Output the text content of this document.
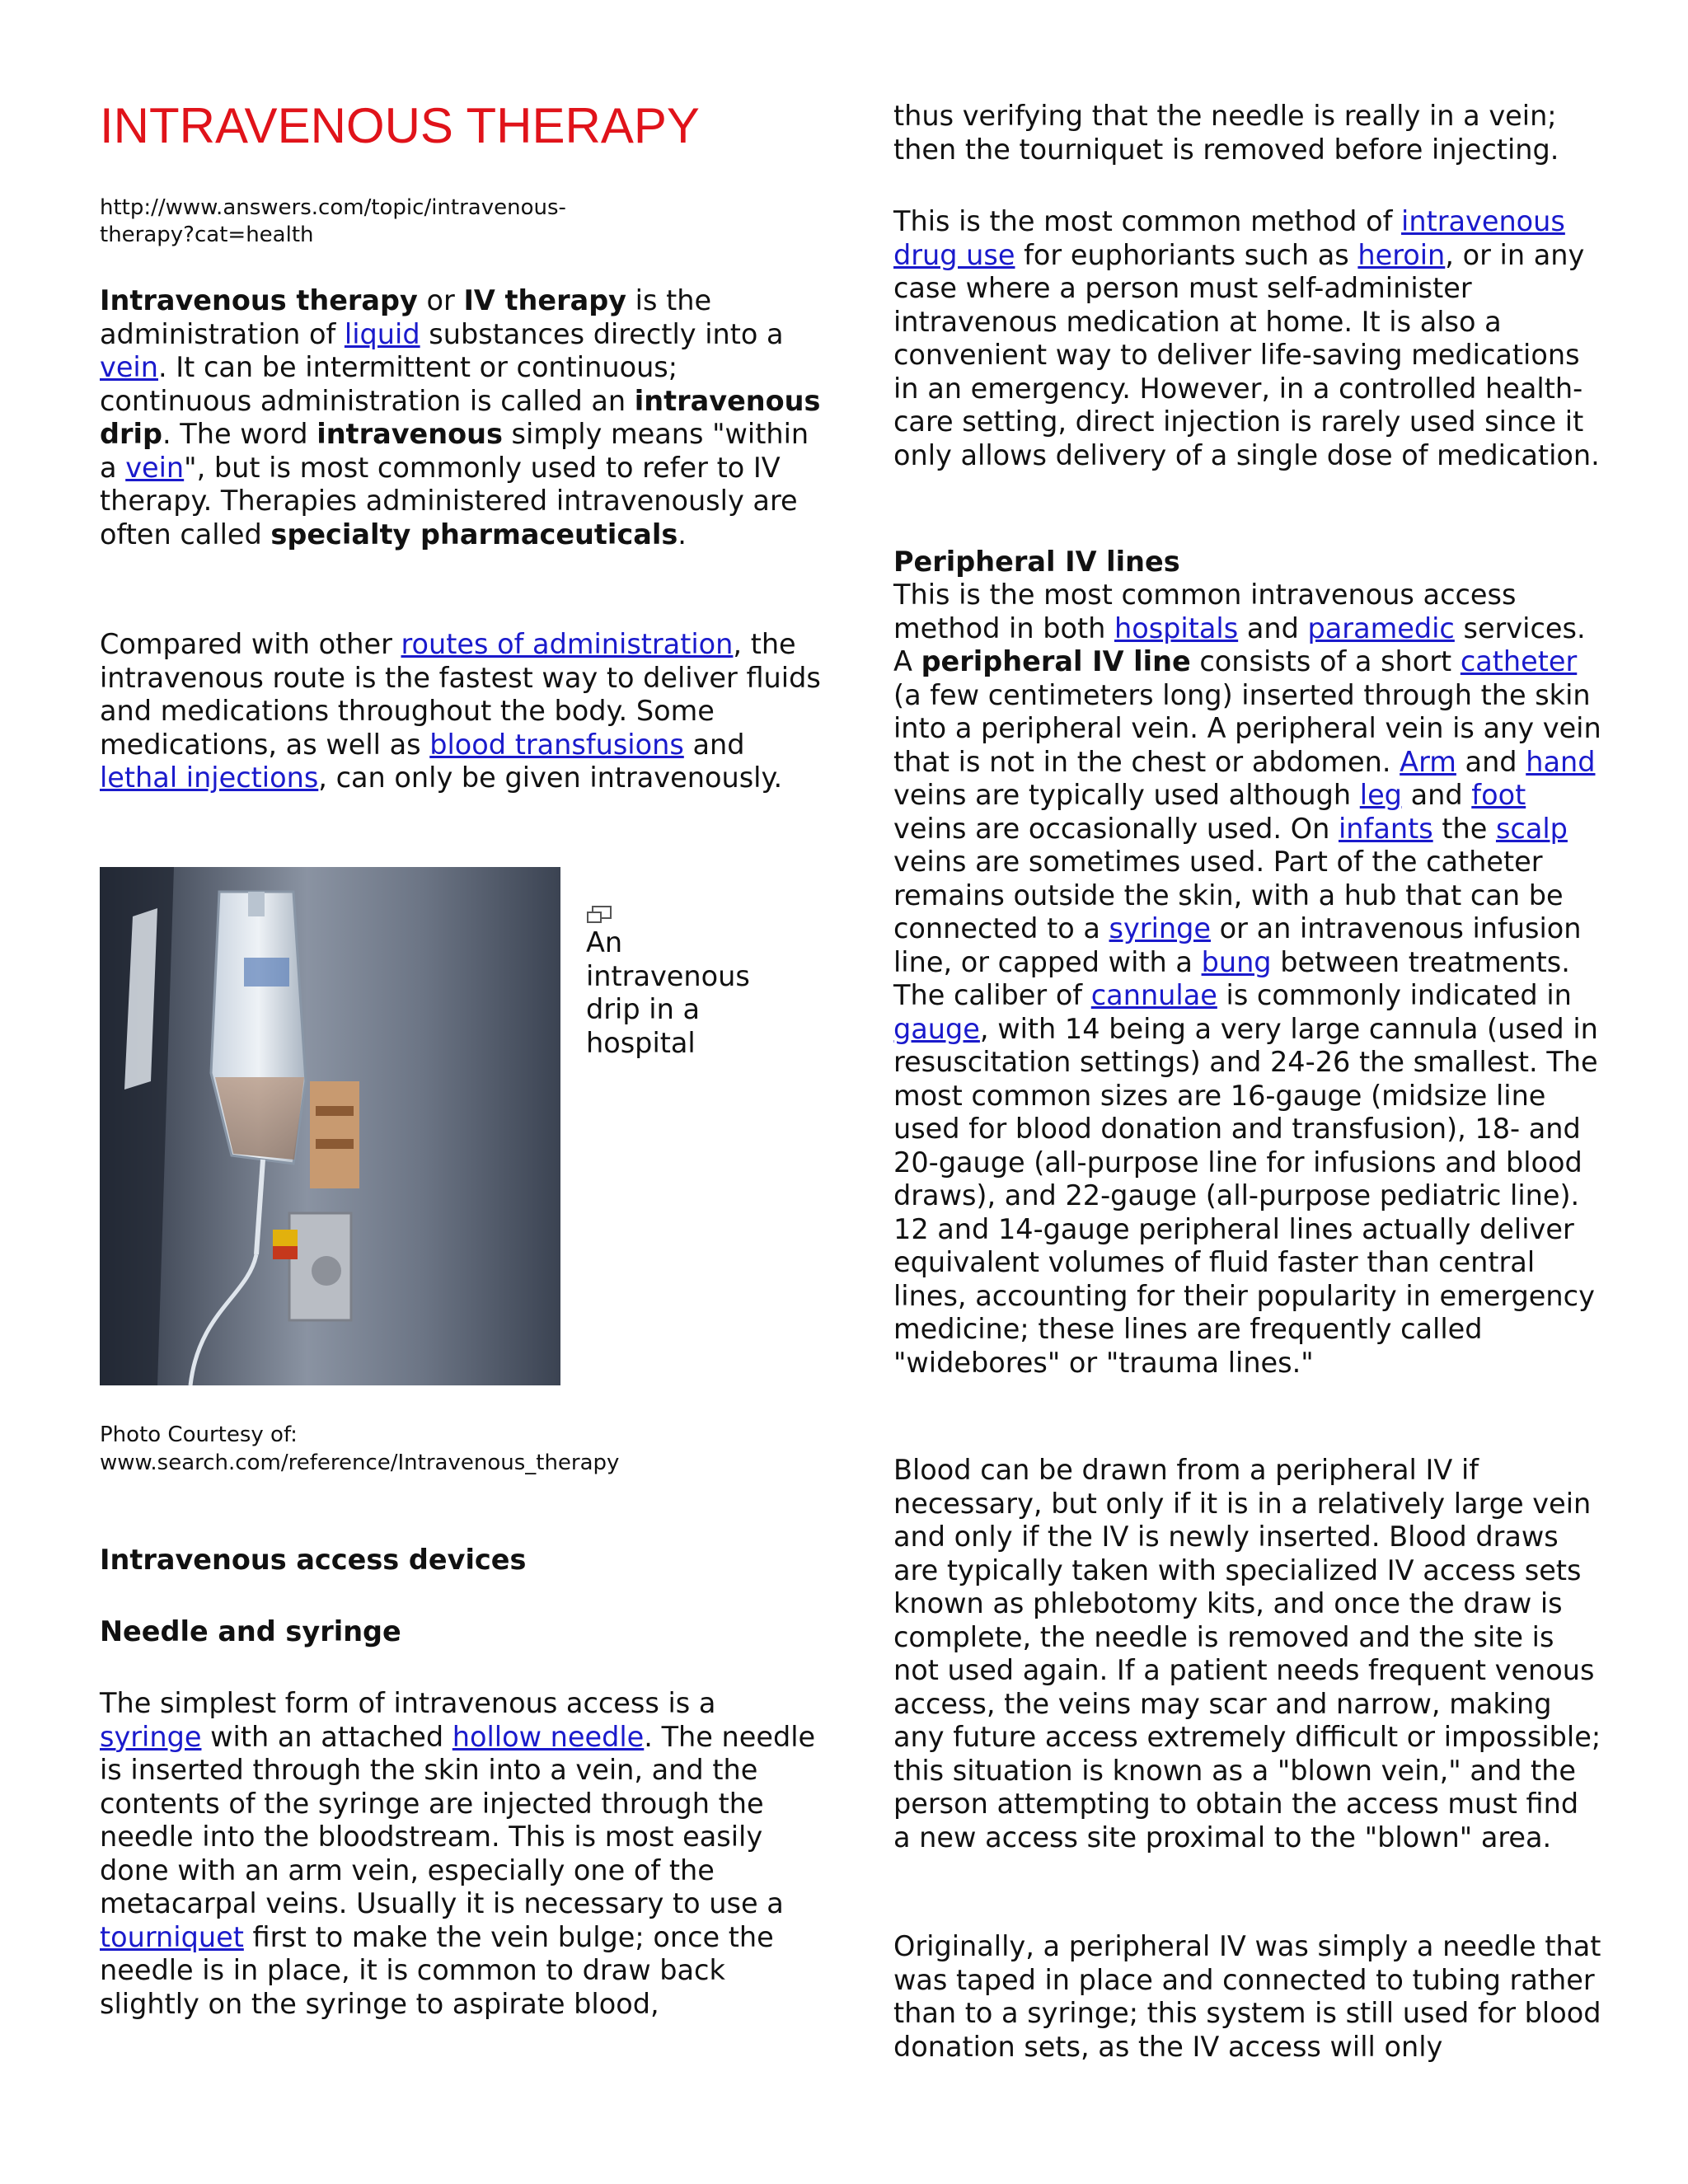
INTRAVENOUS THERAPY

http://www.answers.com/topic/intravenous-
therapy?cat=health

Intravenous therapy or IV therapy is the administration of liquid substances directly into a vein. It can be intermittent or continuous; continuous administration is called an intravenous drip. The word intravenous simply means "within a vein", but is most commonly used to refer to IV therapy. Therapies administered intravenously are often called specialty pharmaceuticals.

Compared with other routes of administration, the intravenous route is the fastest way to deliver fluids and medications throughout the body. Some medications, as well as blood transfusions and lethal injections, can only be given intravenously.

An intravenous drip in a hospital

Photo Courtesy of:
www.search.com/reference/Intravenous_therapy

Intravenous access devices
Needle and syringe

The simplest form of intravenous access is a syringe with an attached hollow needle. The needle is inserted through the skin into a vein, and the contents of the syringe are injected through the needle into the bloodstream. This is most easily done with an arm vein, especially one of the metacarpal veins. Usually it is necessary to use a tourniquet first to make the vein bulge; once the needle is in place, it is common to draw back slightly on the syringe to aspirate blood,

thus verifying that the needle is really in a vein; then the tourniquet is removed before injecting.

This is the most common method of intravenous drug use for euphoriants such as heroin, or in any case where a person must self-administer intravenous medication at home. It is also a convenient way to deliver life-saving medications in an emergency. However, in a controlled health-care setting, direct injection is rarely used since it only allows delivery of a single dose of medication.

Peripheral IV lines

This is the most common intravenous access method in both hospitals and paramedic services. A peripheral IV line consists of a short catheter (a few centimeters long) inserted through the skin into a peripheral vein. A peripheral vein is any vein that is not in the chest or abdomen. Arm and hand veins are typically used although leg and foot veins are occasionally used. On infants the scalp veins are sometimes used. Part of the catheter remains outside the skin, with a hub that can be connected to a syringe or an intravenous infusion line, or capped with a bung between treatments. The caliber of cannulae is commonly indicated in gauge, with 14 being a very large cannula (used in resuscitation settings) and 24-26 the smallest. The most common sizes are 16-gauge (midsize line used for blood donation and transfusion), 18- and 20-gauge (all-purpose line for infusions and blood draws), and 22-gauge (all-purpose pediatric line). 12 and 14-gauge peripheral lines actually deliver equivalent volumes of fluid faster than central lines, accounting for their popularity in emergency medicine; these lines are frequently called "widebores" or "trauma lines."

Blood can be drawn from a peripheral IV if necessary, but only if it is in a relatively large vein and only if the IV is newly inserted. Blood draws are typically taken with specialized IV access sets known as phlebotomy kits, and once the draw is complete, the needle is removed and the site is not used again. If a patient needs frequent venous access, the veins may scar and narrow, making any future access extremely difficult or impossible; this situation is known as a "blown vein," and the person attempting to obtain the access must find a new access site proximal to the "blown" area.

Originally, a peripheral IV was simply a needle that was taped in place and connected to tubing rather than to a syringe; this system is still used for blood donation sets, as the IV access will only
